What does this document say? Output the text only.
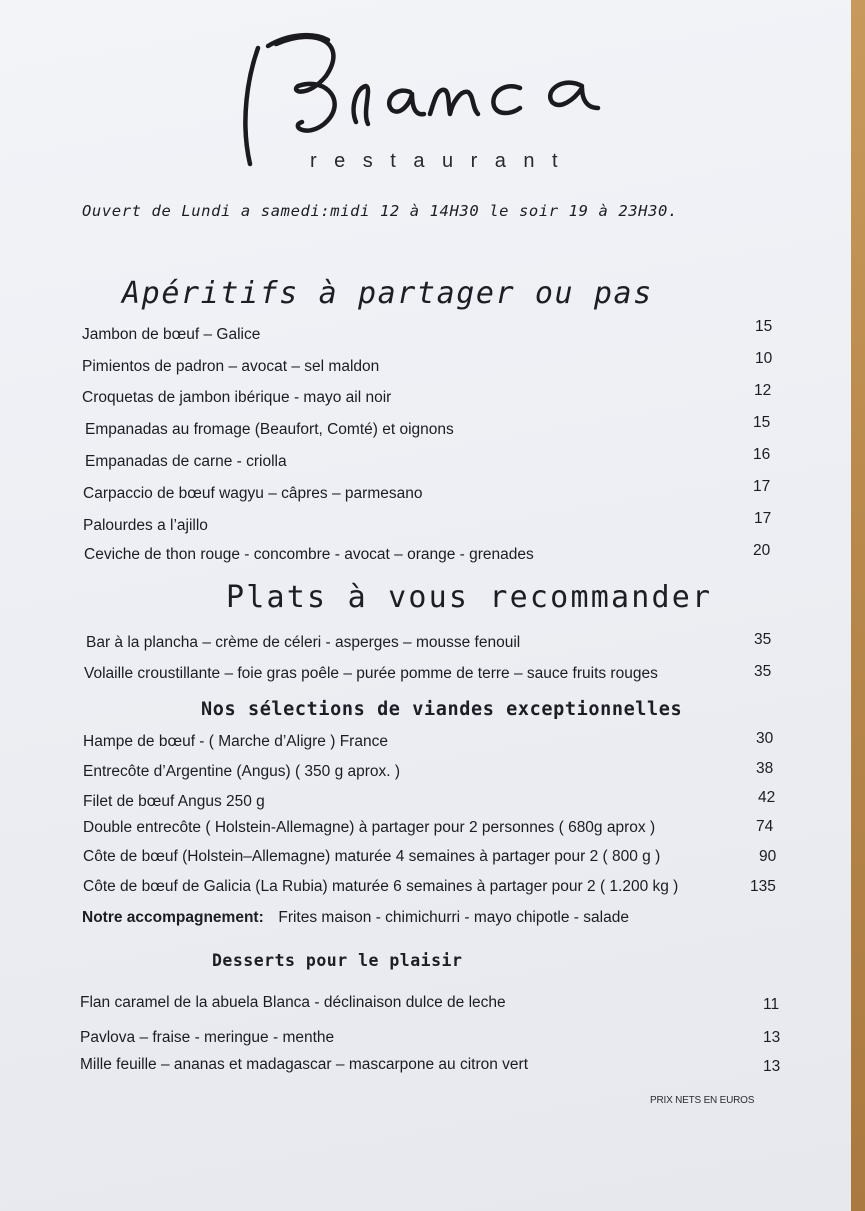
restaurant
Ouvert de Lundi a samedi:midi 12 à 14H30 le soir 19 à 23H30.
Apéritifs à partager ou pas
Jambon de bœuf – Galice	15
Pimientos de padron – avocat – sel maldon	10
Croquetas de jambon ibérique - mayo ail noir	12
Empanadas au fromage (Beaufort, Comté) et oignons	15
Empanadas de carne - criolla	16
Carpaccio de bœuf wagyu – câpres – parmesano	17
Palourdes a l’ajillo	17
Ceviche de thon rouge - concombre - avocat – orange - grenades	20
Plats à vous recommander
Bar à la plancha – crème de céleri - asperges – mousse fenouil	35
Volaille croustillante – foie gras poêle – purée pomme de terre – sauce fruits rouges	35
Nos sélections de viandes exceptionnelles
Hampe de bœuf - ( Marche d’Aligre ) France	30
Entrecôte d’Argentine (Angus) ( 350 g aprox. )	38
Filet de bœuf Angus 250 g	42
Double entrecôte ( Holstein-Allemagne) à partager pour 2 personnes ( 680g aprox )	74
Côte de bœuf (Holstein–Allemagne) maturée 4 semaines à partager pour 2 ( 800 g )	90
Côte de bœuf de Galicia (La Rubia) maturée 6 semaines à partager pour 2 ( 1.200 kg )	135
Notre accompagnement: Frites maison - chimichurri - mayo chipotle - salade
Desserts pour le plaisir
Flan caramel de la abuela Blanca - déclinaison dulce de leche	11
Pavlova – fraise - meringue - menthe	13
Mille feuille – ananas et madagascar – mascarpone au citron vert	13
PRIX NETS EN EUROS
